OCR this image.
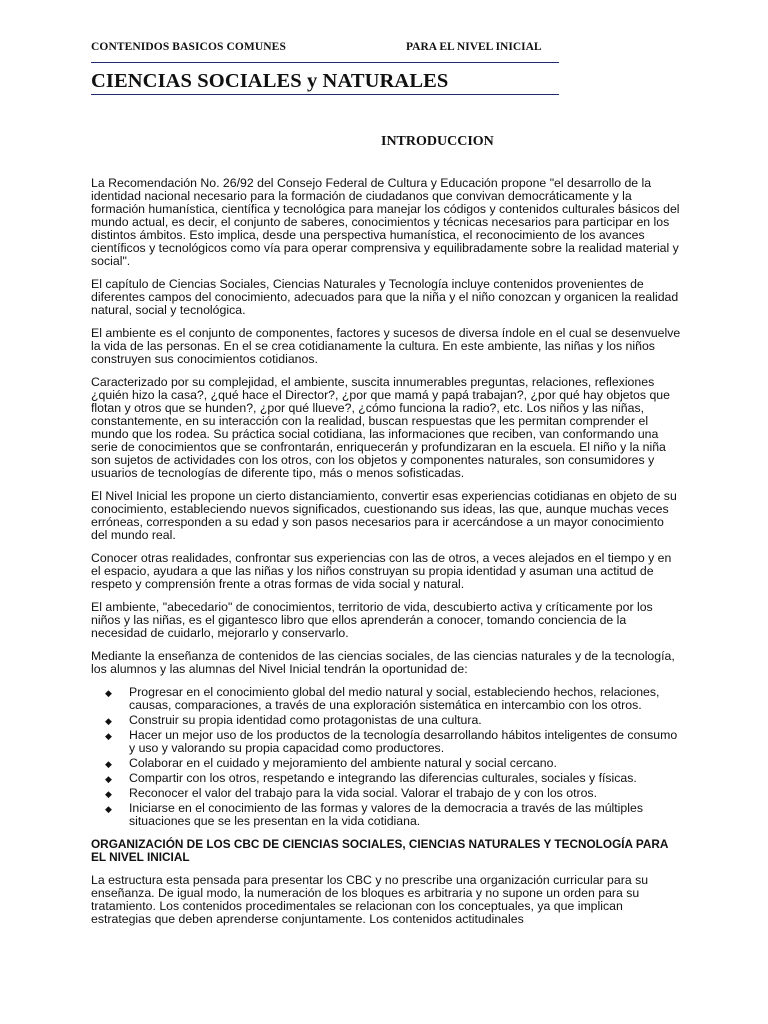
CONTENIDOS BASICOS COMUNES	PARA EL NIVEL INICIAL
CIENCIAS SOCIALES y NATURALES
INTRODUCCION

La Recomendación No. 26/92 del Consejo Federal de Cultura y Educación propone "el desarrollo de la identidad nacional necesario para la formación de ciudadanos que convivan democráticamente y la formación humanística, científica y tecnológica para manejar los códigos y contenidos culturales básicos del mundo actual, es decir, el conjunto de saberes, conocimientos y técnicas necesarios para participar en los distintos ámbitos. Esto implica, desde una perspectiva humanística, el reconocimiento de los avances científicos y tecnológicos como vía para operar comprensiva y equilibradamente sobre la realidad material y social".

El capítulo de Ciencias Sociales, Ciencias Naturales y Tecnología incluye contenidos provenientes de diferentes campos del conocimiento, adecuados para que la niña y el niño conozcan y organicen la realidad natural, social y tecnológica.

El ambiente es el conjunto de componentes, factores y sucesos de diversa índole en el cual se desenvuelve la vida de las personas. En el se crea cotidianamente la cultura. En este ambiente, las niñas y los niños construyen sus conocimientos cotidianos.

Caracterizado por su complejidad, el ambiente, suscita innumerables preguntas, relaciones, reflexiones ¿quién hizo la casa?, ¿qué hace el Director?, ¿por que mamá y papá trabajan?, ¿por qué hay objetos que flotan y otros que se hunden?, ¿por qué llueve?, ¿cómo funciona la radio?, etc. Los niños y las niñas, constantemente, en su interacción con la realidad, buscan respuestas que les permitan comprender el mundo que los rodea. Su práctica social cotidiana, las informaciones que reciben, van conformando una serie de conocimientos que se confrontarán, enriquecerán y profundizaran en la escuela. El niño y la niña son sujetos de actividades con los otros, con los objetos y componentes naturales, son consumidores y usuarios de tecnologías de diferente tipo, más o menos sofisticadas.

El Nivel Inicial les propone un cierto distanciamiento, convertir esas experiencias cotidianas en objeto de su conocimiento, estableciendo nuevos significados, cuestionando sus ideas, las que, aunque muchas veces erróneas, corresponden a su edad y son pasos necesarios para ir acercándose a un mayor conocimiento del mundo real.

Conocer otras realidades, confrontar sus experiencias con las de otros, a veces alejados en el tiempo y en el espacio, ayudara a que las niñas y los niños construyan su propia identidad y asuman una actitud de respeto y comprensión frente a otras formas de vida social y natural.

El ambiente, "abecedario" de conocimientos, territorio de vida, descubierto activa y críticamente por los niños y las niñas, es el gigantesco libro que ellos aprenderán a conocer, tomando conciencia de la necesidad de cuidarlo, mejorarlo y conservarlo.

Mediante la enseñanza de contenidos de las ciencias sociales, de las ciencias naturales y de la tecnología, los alumnos y las alumnas del Nivel Inicial tendrán la oportunidad de:

◆ Progresar en el conocimiento global del medio natural y social, estableciendo hechos, relaciones, causas, comparaciones, a través de una exploración sistemática en intercambio con los otros.
◆ Construir su propia identidad como protagonistas de una cultura.
◆ Hacer un mejor uso de los productos de la tecnología desarrollando hábitos inteligentes de consumo y uso y valorando su propia capacidad como productores.
◆ Colaborar en el cuidado y mejoramiento del ambiente natural y social cercano.
◆ Compartir con los otros, respetando e integrando las diferencias culturales, sociales y físicas.
◆ Reconocer el valor del trabajo para la vida social. Valorar el trabajo de y con los otros.
◆ Iniciarse en el conocimiento de las formas y valores de la democracia a través de las múltiples situaciones que se les presentan en la vida cotidiana.

ORGANIZACIÓN DE LOS CBC DE CIENCIAS SOCIALES, CIENCIAS NATURALES Y TECNOLOGÍA PARA EL NIVEL INICIAL

La estructura esta pensada para presentar los CBC y no prescribe una organización curricular para su enseñanza. De igual modo, la numeración de los bloques es arbitraria y no supone un orden para su tratamiento. Los contenidos procedimentales se relacionan con los conceptuales, ya que implican estrategias que deben aprenderse conjuntamente. Los contenidos actitudinales
